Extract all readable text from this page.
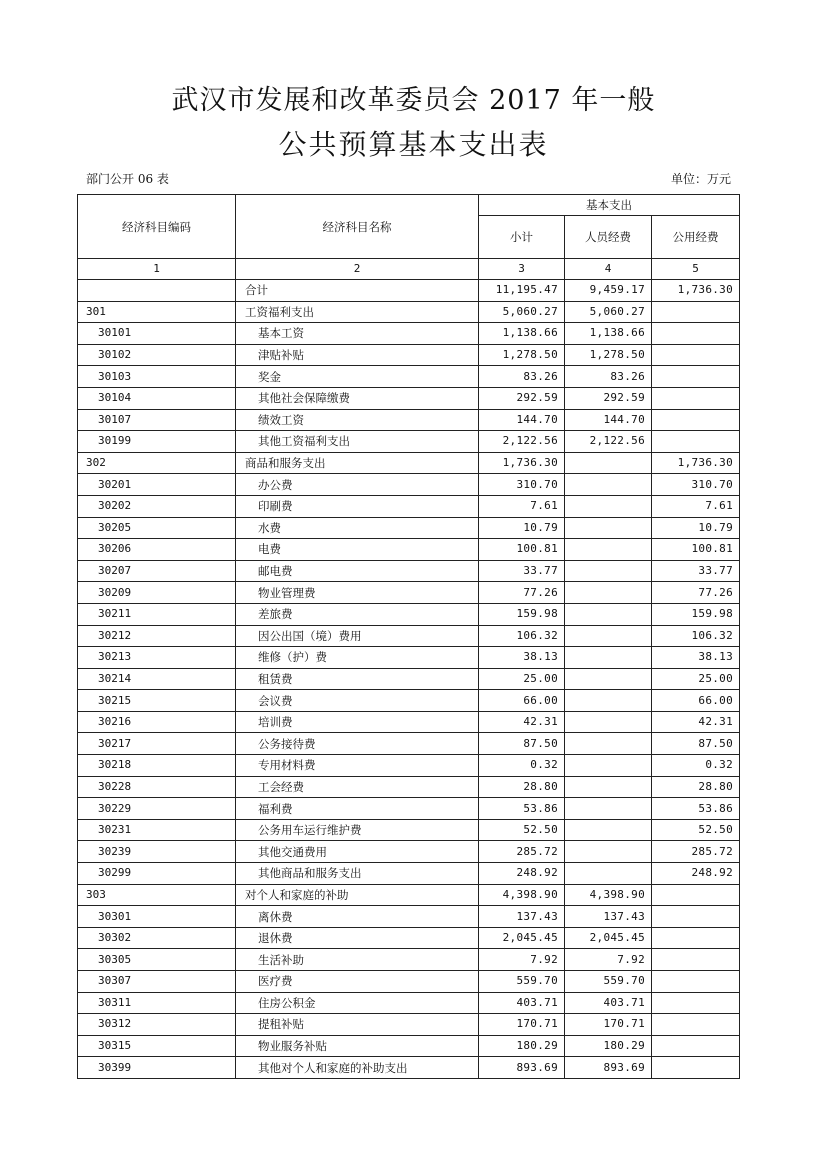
武汉市发展和改革委员会 2017 年一般
公共预算基本支出表
部门公开 06 表	单位：万元
经济科目编码	经济科目名称	基本支出		
		小计	人员经费	公用经费
1	2	3	4	5
	合计	11,195.47	9,459.17	1,736.30
301	工资福利支出	5,060.27	5,060.27	
30101	基本工资	1,138.66	1,138.66	
30102	津贴补贴	1,278.50	1,278.50	
30103	奖金	83.26	83.26	
30104	其他社会保障缴费	292.59	292.59	
30107	绩效工资	144.70	144.70	
30199	其他工资福利支出	2,122.56	2,122.56	
302	商品和服务支出	1,736.30		1,736.30
30201	办公费	310.70		310.70
30202	印刷费	7.61		7.61
30205	水费	10.79		10.79
30206	电费	100.81		100.81
30207	邮电费	33.77		33.77
30209	物业管理费	77.26		77.26
30211	差旅费	159.98		159.98
30212	因公出国（境）费用	106.32		106.32
30213	维修（护）费	38.13		38.13
30214	租赁费	25.00		25.00
30215	会议费	66.00		66.00
30216	培训费	42.31		42.31
30217	公务接待费	87.50		87.50
30218	专用材料费	0.32		0.32
30228	工会经费	28.80		28.80
30229	福利费	53.86		53.86
30231	公务用车运行维护费	52.50		52.50
30239	其他交通费用	285.72		285.72
30299	其他商品和服务支出	248.92		248.92
303	对个人和家庭的补助	4,398.90	4,398.90	
30301	离休费	137.43	137.43	
30302	退休费	2,045.45	2,045.45	
30305	生活补助	7.92	7.92	
30307	医疗费	559.70	559.70	
30311	住房公积金	403.71	403.71	
30312	提租补贴	170.71	170.71	
30315	物业服务补贴	180.29	180.29	
30399	其他对个人和家庭的补助支出	893.69	893.69	
